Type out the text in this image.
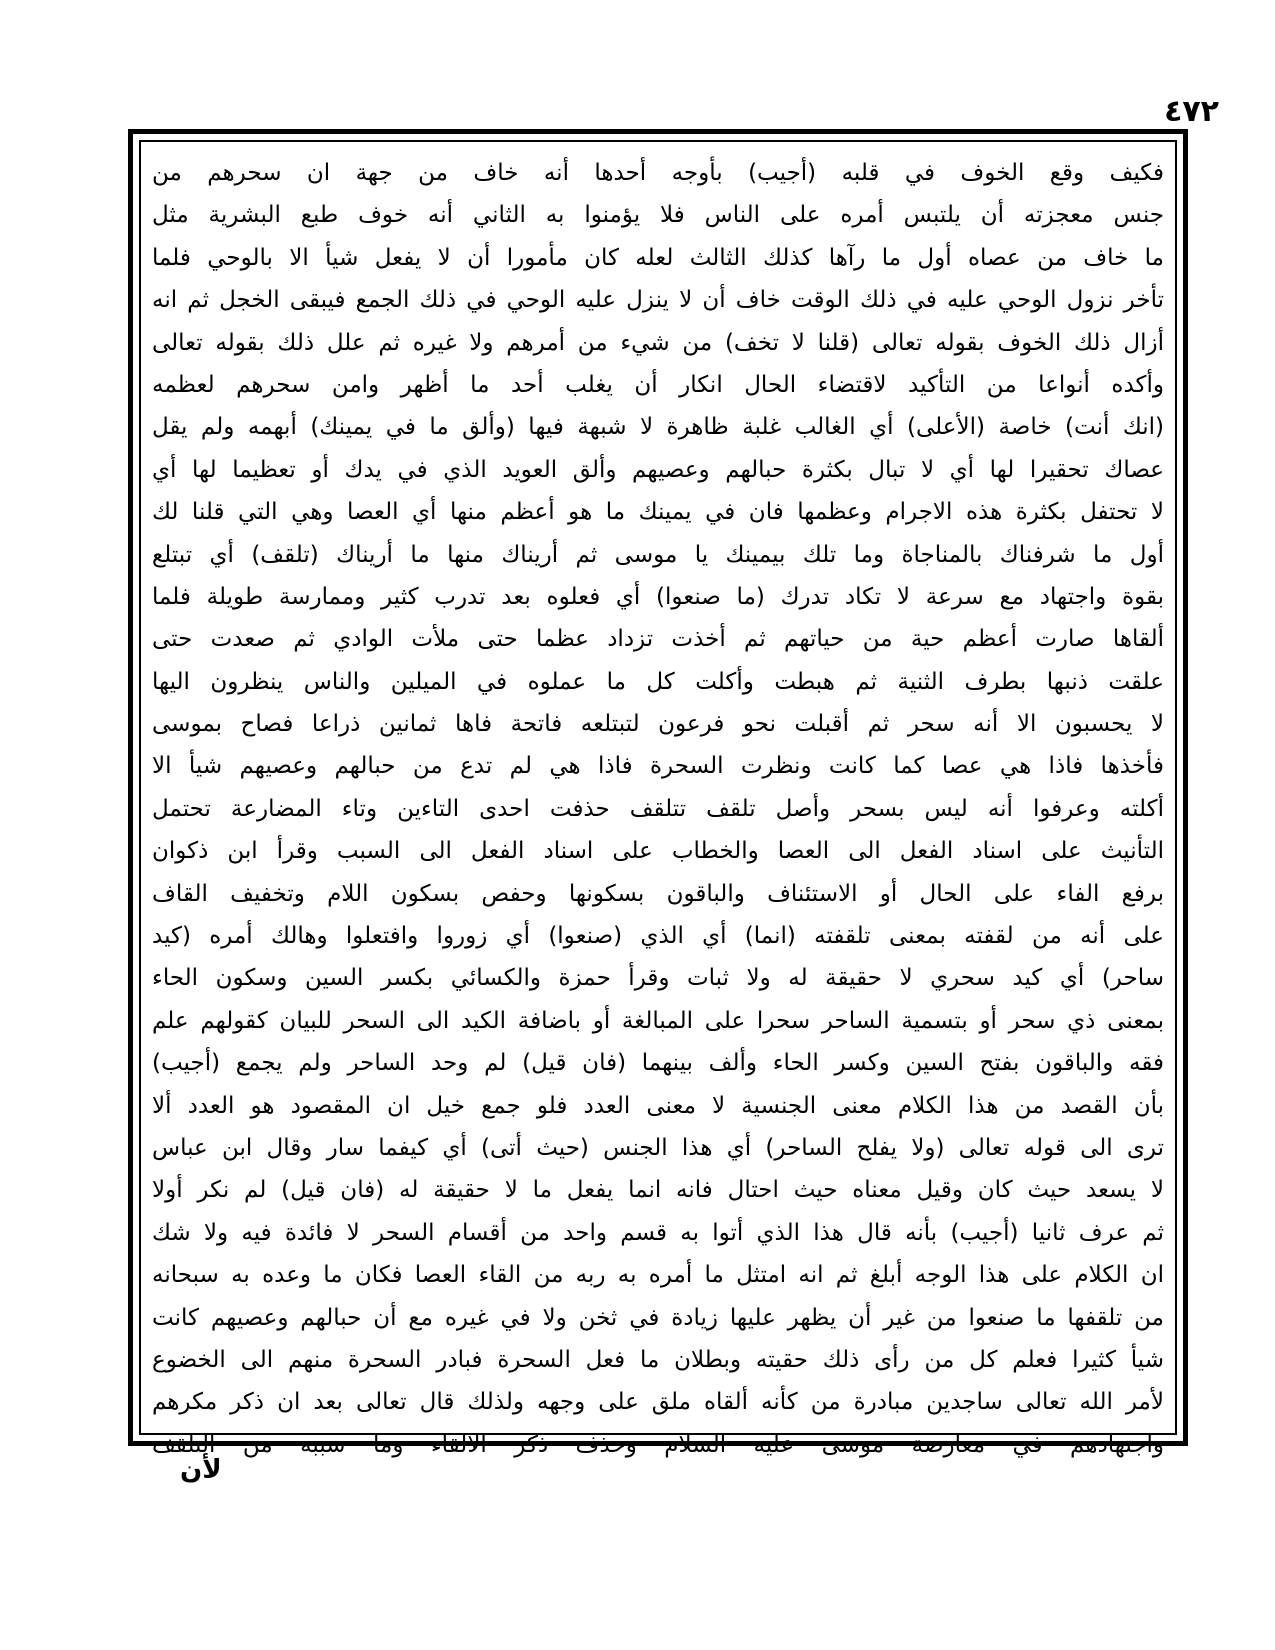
٤٧٢
فكيف وقع الخوف في قلبه (أجيب) بأوجه أحدها أنه خاف من جهة ان سحرهم من
جنس معجزته أن يلتبس أمره على الناس فلا يؤمنوا به الثاني أنه خوف طبع البشرية مثل
ما خاف من عصاه أول ما رآها كذلك الثالث لعله كان مأمورا أن لا يفعل شيأ الا بالوحي فلما
تأخر نزول الوحي عليه في ذلك الوقت خاف أن لا ينزل عليه الوحي في ذلك الجمع فيبقى الخجل ثم انه
أزال ذلك الخوف بقوله تعالى (قلنا لا تخف) من شيء من أمرهم ولا غيره ثم علل ذلك بقوله تعالى
وأكده أنواعا من التأكيد لاقتضاء الحال انكار أن يغلب أحد ما أظهر وامن سحرهم لعظمه
(انك أنت) خاصة (الأعلى) أي الغالب غلبة ظاهرة لا شبهة فيها (وألق ما في يمينك) أبهمه ولم يقل
عصاك تحقيرا لها أي لا تبال بكثرة حبالهم وعصيهم وألق العويد الذي في يدك أو تعظيما لها أي
لا تحتفل بكثرة هذه الاجرام وعظمها فان في يمينك ما هو أعظم منها أي العصا وهي التي قلنا لك
أول ما شرفناك بالمناجاة وما تلك بيمينك يا موسى ثم أريناك منها ما أريناك (تلقف) أي تبتلع
بقوة واجتهاد مع سرعة لا تكاد تدرك (ما صنعوا) أي فعلوه بعد تدرب كثير وممارسة طويلة فلما
ألقاها صارت أعظم حية من حياتهم ثم أخذت تزداد عظما حتى ملأت الوادي ثم صعدت حتى
علقت ذنبها بطرف الثنية ثم هبطت وأكلت كل ما عملوه في الميلين والناس ينظرون اليها
لا يحسبون الا أنه سحر ثم أقبلت نحو فرعون لتبتلعه فاتحة فاها ثمانين ذراعا فصاح بموسى
فأخذها فاذا هي عصا كما كانت ونظرت السحرة فاذا هي لم تدع من حبالهم وعصيهم شيأ الا
أكلته وعرفوا أنه ليس بسحر وأصل تلقف تتلقف حذفت احدى التاءين وتاء المضارعة تحتمل
التأنيث على اسناد الفعل الى العصا والخطاب على اسناد الفعل الى السبب وقرأ ابن ذكوان
برفع الفاء على الحال أو الاستئناف والباقون بسكونها وحفص بسكون اللام وتخفيف القاف
على أنه من لقفته بمعنى تلقفته (انما) أي الذي (صنعوا) أي زوروا وافتعلوا وهالك أمره (كيد
ساحر) أي كيد سحري لا حقيقة له ولا ثبات وقرأ حمزة والكسائي بكسر السين وسكون الحاء
بمعنى ذي سحر أو بتسمية الساحر سحرا على المبالغة أو باضافة الكيد الى السحر للبيان كقولهم علم
فقه والباقون بفتح السين وكسر الحاء وألف بينهما (فان قيل) لم وحد الساحر ولم يجمع (أجيب)
بأن القصد من هذا الكلام معنى الجنسية لا معنى العدد فلو جمع خيل ان المقصود هو العدد ألا
ترى الى قوله تعالى (ولا يفلح الساحر) أي هذا الجنس (حيث أتى) أي كيفما سار وقال ابن عباس
لا يسعد حيث كان وقيل معناه حيث احتال فانه انما يفعل ما لا حقيقة له (فان قيل) لم نكر أولا
ثم عرف ثانيا (أجيب) بأنه قال هذا الذي أتوا به قسم واحد من أقسام السحر لا فائدة فيه ولا شك
ان الكلام على هذا الوجه أبلغ ثم انه امتثل ما أمره به ربه من القاء العصا فكان ما وعده به سبحانه
من تلقفها ما صنعوا من غير أن يظهر عليها زيادة في ثخن ولا في غيره مع أن حبالهم وعصيهم كانت
شيأ كثيرا فعلم كل من رأى ذلك حقيته وبطلان ما فعل السحرة فبادر السحرة منهم الى الخضوع
لأمر الله تعالى ساجدين مبادرة من كأنه ألقاه ملق على وجهه ولذلك قال تعالى بعد ان ذكر مكرهم
واجتهادهم في معارضة موسى عليه السلام وحذف ذكر الالقاء وما سببه من التلقف
لأن
